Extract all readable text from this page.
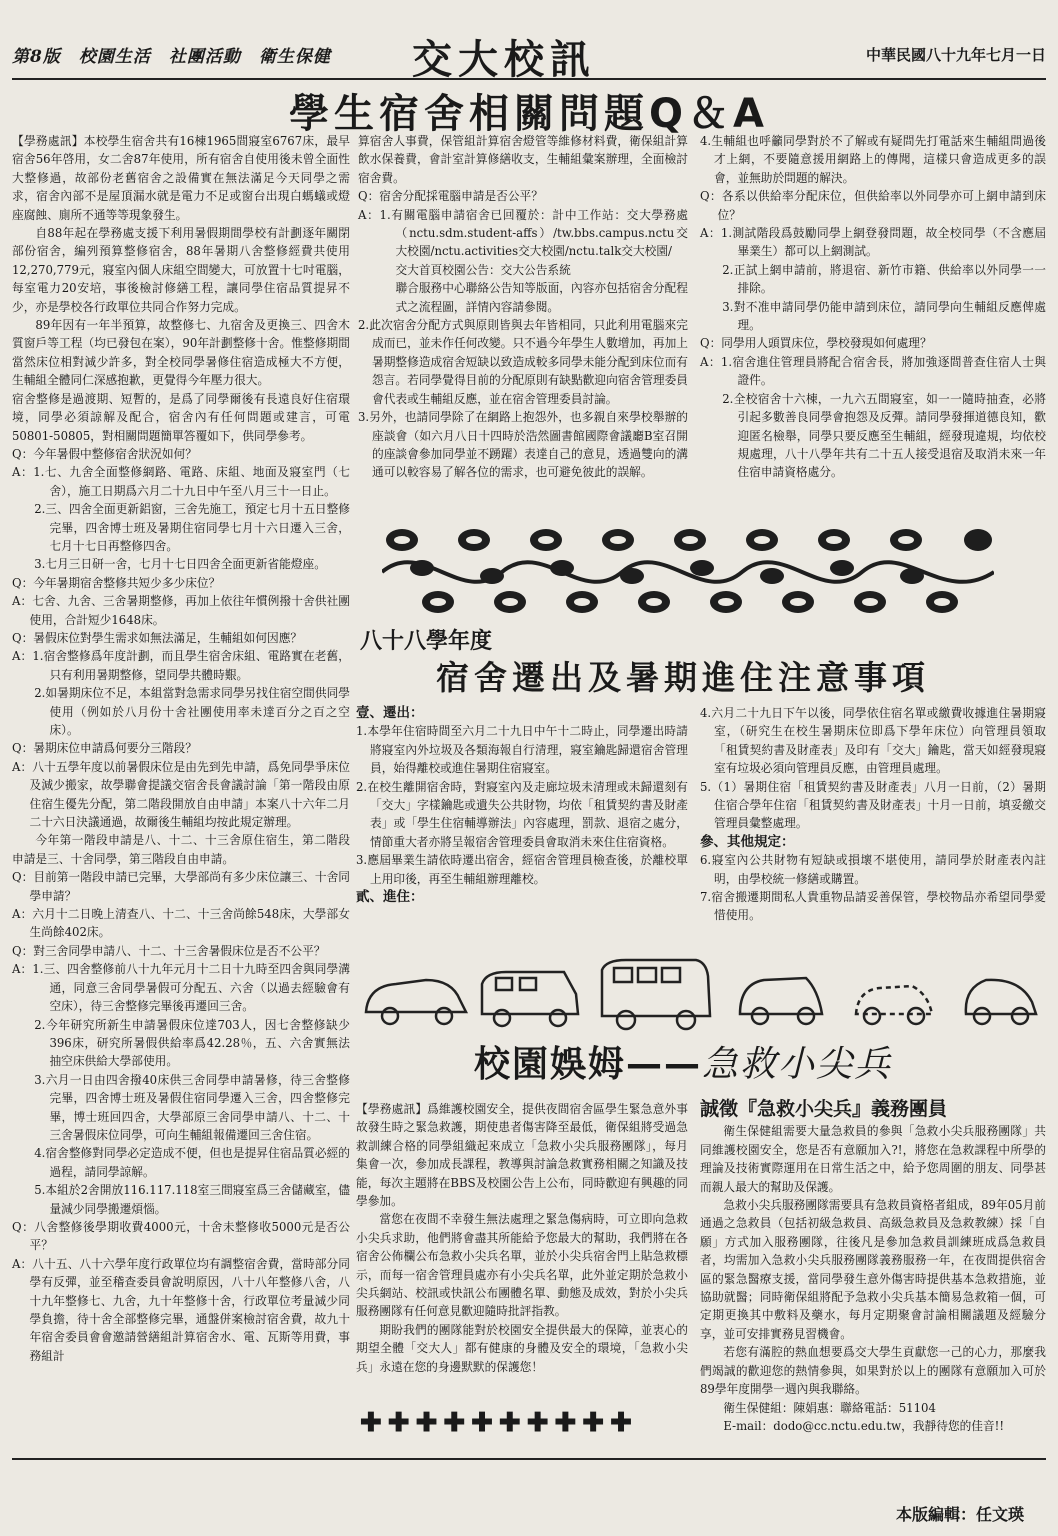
第8版　校園生活　社團活動　衛生保健 交大校訊	中華民國八十九年七月一日
學生宿舍相關問題Q＆A

【學務處訊】本校學生宿舍共有16棟1965間寢室6767床，最早宿舍56年啓用，女二舍87年使用，所有宿舍自使用後未曾全面性大整修過，故部份老舊宿舍之設備實在無法滿足今天同學之需求，宿舍內部不是屋頂漏水就是電力不足或窗台出現白螞蟻或燈座腐蝕、廁所不通等等現象發生。

自88年起在學務處支援下利用暑假期間學校有計劃逐年關閉部份宿舍，編列預算整修宿舍，88年暑期八舍整修經費共使用12,270,779元，寢室內個人床組空間變大，可放置十七吋電腦，每室電力20安培，事後檢討修繕工程，讓同學住宿品質提昇不少，亦是學校各行政單位共同合作努力完成。

89年因有一年半預算，故整修七、九宿舍及更換三、四舍木質窗戶等工程（均已發包在案），90年計劃整修十舍。惟整修期間當然床位相對減少許多，對全校同學暑修住宿造成極大不方便，生輔組全體同仁深感抱歉，更覺得今年壓力很大。

宿舍整修是過渡期、短暫的，是爲了同學爾後有長遠良好住宿環境，同學必須諒解及配合，宿舍內有任何問題或建言，可電50801-50805，對相關問題簡單答覆如下，供同學參考。

Q：今年暑假中整修宿舍狀況如何？

A：1.七、九舍全面整修網路、電路、床組、地面及寢室門（七舍），施工日期爲六月二十九日中午至八月三十一日止。

2.三、四舍全面更新鋁窗，三舍先施工，預定七月十五日整修完畢，四舍博士班及暑期住宿同學七月十六日遷入三舍，七月十七日再整修四舍。

3.七月三日研一舍，七月十七日四舍全面更新省能燈座。

Q：今年暑期宿舍整修共短少多少床位？

A：七舍、九舍、三舍暑期整修，再加上依往年慣例撥十舍供社團使用，合計短少1648床。

Q：暑假床位對學生需求如無法滿足，生輔組如何因應？

A：1.宿舍整修爲年度計劃，而且學生宿舍床組、電路實在老舊，只有利用暑期整修，望同學共體時艱。

2.如暑期床位不足，本組當對急需求同學另找住宿空間供同學使用（例如於八月份十舍社團使用率未達百分之百之空床）。

Q：暑期床位申請爲何要分三階段？

A：八十五學年度以前暑假床位是由先到先申請，爲免同學爭床位及減少搬家，故學聯會提議交宿舍長會議討論「第一階段由原住宿生優先分配，第二階段開放自由申請」本案八十六年二月二十六日決議通過，故爾後生輔組均按此規定辦理。

今年第一階段申請是八、十二、十三舍原住宿生，第二階段申請是三、十舍同學，第三階段自由申請。

Q：目前第一階段申請已完畢，大學部尚有多少床位讓三、十舍同學申請？

A：六月十二日晚上清查八、十二、十三舍尚餘548床，大學部女生尚餘402床。

Q：對三舍同學申請八、十二、十三舍暑假床位是否不公平？

A：1.三、四舍整修前八十九年元月十二日十九時至四舍與同學溝通，同意三舍同學暑假可分配五、六舍（以過去經驗會有空床），待三舍整修完畢後再遷回三舍。

2.今年研究所新生申請暑假床位達703人，因七舍整修缺少396床，研究所暑假供給率爲42.28％，五、六舍實無法抽空床供給大學部使用。

3.六月一日由四舍撥40床供三舍同學申請暑修，待三舍整修完畢，四舍博士班及暑假住宿同學遷入三舍，四舍整修完畢，博士班回四舍，大學部原三舍同學申請八、十二、十三舍暑假床位同學，可向生輔組報備遷回三舍住宿。

4.宿舍整修對同學必定造成不便，但也是提昇住宿品質必經的過程，請同學諒解。

5.本組於2舍開放116.117.118室三間寢室爲三舍儲藏室，儘量減少同學搬遷煩惱。

Q：八舍整修後學期收費4000元，十舍未整修收5000元是否公平？

A：八十五、八十六學年度行政單位均有調整宿舍費，當時部分同學有反彈，並至稽查委員會說明原因，八十八年整修八舍，八十九年整修七、九舍，九十年整修十舍，行政單位考量減少同學負擔，待十舍全部整修完畢，通盤併案檢討宿舍費，故九十年宿舍委員會會邀請營繕組計算宿舍水、電、瓦斯等用費，事務組計

算宿舍人事費，保管組計算宿舍燈管等維修材料費，衛保組計算飲水保養費，會計室計算修繕收支，生輔組彙案辦理，全面檢討宿舍費。

Q：宿舍分配採電腦申請是否公平？

A：1.有關電腦申請宿舍已回覆於：計中工作站：交大學務處（nctu.sdm.student-affs）/tw.bbs.campus.nctu交大校園/nctu.activities交大校園/nctu.talk交大校園/

交大首頁校園公告：交大公告系統

聯合服務中心聯絡公告知等版面，內容亦包括宿舍分配程式之流程圖，詳情內容請參閱。

2.此次宿舍分配方式與原則皆與去年皆相同，只此利用電腦來完成而已，並未作任何改變。只不過今年學生人數增加，再加上暑期整修造成宿舍短缺以致造成較多同學未能分配到床位而有怨言。若同學覺得目前的分配原則有缺點歡迎向宿舍管理委員會代表或生輔組反應，並在宿舍管理委員討論。

3.另外，也請同學除了在網路上抱怨外，也多親自來學校舉辦的座談會（如六月八日十四時於浩然圖書館國際會議廳B室召開的座談會參加同學並不踴躍）表達自己的意見，透過雙向的溝通可以較容易了解各位的需求，也可避免彼此的誤解。

4.生輔組也呼籲同學對於不了解或有疑問先打電話來生輔組問過後才上網，不要隨意援用網路上的傳聞，這樣只會造成更多的誤會，並無助於問題的解決。

Q：各系以供給率分配床位，但供給率以外同學亦可上網申請到床位？

A：1.測試階段爲鼓勵同學上網登發問題，故全校同學（不含應屆畢業生）都可以上網測試。

2.正試上網申請前，將退宿、新竹市籍、供給率以外同學一一排除。

3.對不准申請同學仍能申請到床位，請同學向生輔組反應俾處理。

Q：同學用人頭買床位，學校發現如何處理？

A：1.宿舍進住管理員將配合宿舍長，將加強逐間普查住宿人士與證件。

2.全校宿舍十六棟，一九六五間寢室，如一一隨時抽查，必將引起多數善良同學會抱怨及反彈。請同學發揮道德良知，歡迎匿名檢舉，同學只要反應至生輔組，經發現違規，均依校規處理，八十八學年共有二十五人接受退宿及取消未來一年住宿申請資格處分。

八十八學年度
宿舍遷出及暑期進住注意事項

壹、遷出：

1.本學年住宿時間至六月二十九日中午十二時止，同學遷出時請將寢室內外垃圾及各類海報自行清理，寢室鑰匙歸還宿舍管理員，始得離校或進住暑期住宿寢室。

2.在校生離開宿舍時，對寢室內及走廊垃圾未清理或未歸還刻有「交大」字樣鑰匙或遺失公共財物，均依「租賃契約書及財產表」或「學生住宿輔導辦法」內容處理，罰款、退宿之處分，情節重大者亦將呈報宿舍管理委員會取消未來住住宿資格。

3.應屆畢業生請依時遷出宿舍，經宿舍管理員檢查後，於離校單上用印後，再至生輔組辦理離校。

貳、進住：

4.六月二十九日下午以後，同學依住宿名單或繳費收據進住暑期寢室，（研究生在校生暑期床位即爲下學年床位）向管理員領取「租賃契約書及財產表」及印有「交大」鑰匙，當天如經發現寢室有垃圾必須向管理員反應，由管理員處理。

5.（1）暑期住宿「租賃契約書及財產表」八月一日前，（2）暑期住宿合學年住宿「租賃契約書及財產表」十月一日前，填妥繳交管理員彙整處理。

參、其他規定：

6.寢室內公共財物有短缺或損壞不堪使用，請同學於財產表內註明，由學校統一修繕或購置。

7.宿舍搬遷期間私人貴重物品請妥善保管，學校物品亦希望同學愛惜使用。

校園娛姆——急救小尖兵

【學務處訊】爲維護校園安全，提供夜間宿舍區學生緊急意外事故發生時之緊急救護，期使患者傷害降至最低，衛保組將受過急救訓練合格的同學組織起來成立「急救小尖兵服務團隊」，每月集會一次，參加成長課程，教導與討論急救實務相關之知識及技能，每次主題將在BBS及校園公告上公布，同時歡迎有興趣的同學參加。

當您在夜間不幸發生無法處理之緊急傷病時，可立即向急救小尖兵求助，他們將會盡其所能給予您最大的幫助，我們將在各宿舍公佈欄公布急救小尖兵名單，並於小尖兵宿舍門上貼急救標示，而每一宿舍管理員處亦有小尖兵名單，此外並定期於急救小尖兵網站、校訊或快訊公布團體名單、動態及成效，對於小尖兵服務團隊有任何意見歡迎隨時批評指教。

期盼我們的團隊能對於校園安全提供最大的保障，並衷心的期望全體「交大人」都有健康的身體及安全的環境，「急救小尖兵」永遠在您的身邊默默的保護您！

✚✚✚✚✚✚✚✚✚✚

誠徵『急救小尖兵』義務團員

衛生保健組需要大量急救員的參與「急救小尖兵服務團隊」共同維護校園安全，您是否有意願加入?!，將您在急救課程中所學的理論及技術實際運用在日常生活之中，給予您周圍的朋友、同學甚而親人最大的幫助及保護。

急救小尖兵服務團隊需要具有急救員資格者組成，89年05月前通過之急救員（包括初級急救員、高級急救員及急救教練）採「自願」方式加入服務團隊，往後凡是參加急救員訓練班成爲急救員者，均需加入急救小尖兵服務團隊義務服務一年，在夜間提供宿舍區的緊急醫療支援，當同學發生意外傷害時提供基本急救措施，並協助就醫；同時衛保組將配予急救小尖兵基本簡易急救箱一個，可定期更換其中敷料及藥水，每月定期聚會討論相關議題及經驗分享，並可安排實務見習機會。

若您有滿腔的熱血想要爲交大學生貢獻您一己的心力，那麼我們竭誠的歡迎您的熱情參與，如果對於以上的團隊有意願加入可於89學年度開學一週內與我聯絡。

衛生保健組：陳娟惠：聯絡電話：51104

E-mail：dodo@cc.nctu.edu.tw，我靜待您的佳音!!

本版編輯：任文瑛
